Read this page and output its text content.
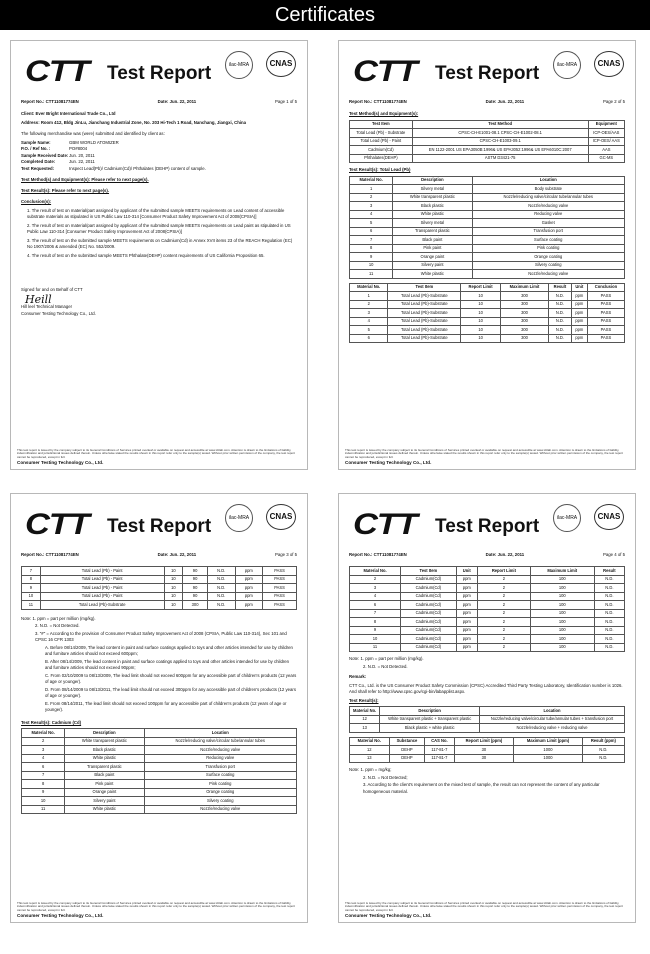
Certificates
CTT Test Report	ilac-MRA	CNAS
Report No.: CTT11081774EN	Date: Jun. 22, 2011	Page 1 of 5

Client: Ever Bright International Trade Co., Ltd

Address: Room 412, Bldg JinLu, Jianchang Industrial Zone, No. 203 Hi-Tech 1 Road, Nanchang, Jiangxi, China

The following merchandise was (were) submitted and identified by client as:

Sample Name:	GBM WORLD ATOMIZER
P.O. / Ref No. :	PO#8004
Sample Received Date: Jun. 20, 2011
Completed Date:	Jun. 22, 2011
Test Requested:	Inspect Lead(Pb)/ Cadmium(Cd)/ Phthalates (DEHP) content of sample.

Test Method(s) and Equipment(s): Please refer to next page(s).

Test Result(s): Please refer to next page(s).

Conclusion(s):

1. The result of test on material/part assigned by applicant of the submitted sample MEETS requirements on Lead content of accessible substrate materials as stipulated in US Public Law 110-314 [Consumer Product Safety Improvement Act of 2008(CPSIA)]

2. The result of test on material/part assigned by applicant of the submitted sample MEETS requirements on Lead paint as stipulated in US Public Law 110-314 [Consumer Product Safety Improvement Act of 2008(CPSIA)]

3. The result of test on the submitted sample MEETS requirements on Cadmium(Cd) in Annex XVII items 23 of the REACH Regulation (EC) No 1907/2006 & amended (EC) No. 552/2009.

4. The result of test on the submitted sample MEETS Phthalate(DEHP) content requirements of US California Proposition 65.

Signed for and on Behalf of CTT

Heill

Hill leel Technical Manager

Consumer Testing Technology Co., Ltd.

This test report is issued by the company subject to its General Conditions of Services printed overleaf or available on request and accessible at www.cttlab.com. Attention is drawn to the limitations of liability, indemnification and jurisdictional issues defined therein. Unless otherwise stated the results shown in this report refer only to the sample(s) tested. Without prior written permission of the company, the test report cannot be reproduced, except in full.
Consumer Testing Technology Co., Ltd.
CTT Test Report	ilac-MRA	CNAS
Report No.: CTT11081774EN	Date: Jun. 22, 2011	Page 2 of 5

Test Method(s) and Equipment(s):

Test Item	Test Method	Equipment
Total Lead (Pb) - Substrate	CPSC-CH-E1001-08.1 CPSC-CH-E1002-08.1	ICP-OES/AAS
Total Lead (Pb) - Paint	CPSC-CH-E1003-09.1	ICP-OES/ AAS
Cadmium(Cd)	EN 1122-2001 US EPA3050B:1996& US EPA3052:1996& US EPA6010C:2007	AAS
Phthalates(DEHP)	ASTM D3421-75	GC-MS

Test Result(s): Total Lead (Pb)

Material No.	Description	Location
1	Silvery metal	Body substrate
2	White transparent plastic	Nozzle/reducing valve/circular tube/annular tubes
3	Black plastic	Nozzle/reducing valve
4	White plastic	Reducing valve
5	Silvery metal	Gasket
6	Transparent plastic	Transfusion port
7	Black paint	Surface coating
8	Pink paint	Pink coating
9	Orange paint	Orange coating
10	Silvery paint	Silvery coating
11	White plastic	Nozzle/reducing valve
Material No.	Test Item	Report Limit	Maximum Limit	Result	Unit	Conclusion
1	Total Lead (Pb)-Substrate	10	300	N.D.	ppm	PASS
2	Total Lead (Pb)-Substrate	10	300	N.D.	ppm	PASS
3	Total Lead (Pb)-Substrate	10	300	N.D.	ppm	PASS
4	Total Lead (Pb)-Substrate	10	300	N.D.	ppm	PASS
5	Total Lead (Pb)-Substrate	10	300	N.D.	ppm	PASS
6	Total Lead (Pb)-Substrate	10	300	N.D.	ppm	PASS
This test report is issued by the company subject to its General Conditions of Services printed overleaf or available on request and accessible at www.cttlab.com. Attention is drawn to the limitations of liability, indemnification and jurisdictional issues defined therein. Unless otherwise stated the results shown in this report refer only to the sample(s) tested. Without prior written permission of the company, the test report cannot be reproduced, except in full.
Consumer Testing Technology Co., Ltd.
CTT Test Report	ilac-MRA	CNAS
Report No.: CTT11081774EN	Date: Jun. 22, 2011	Page 3 of 5
7	Total Lead (Pb) - Paint	10	90	N.D.	ppm	PASS
8	Total Lead (Pb) - Paint	10	90	N.D.	ppm	PASS
9	Total Lead (Pb) - Paint	10	90	N.D.	ppm	PASS
10	Total Lead (Pb) - Paint	10	90	N.D.	ppm	PASS
11	Total Lead (Pb)-Substrate	10	300	N.D.	ppm	PASS

Note: 1. ppm = part per million (mg/kg).

2. N.D. = Not Detected.

3. "#" = According to the provision of Consumer Product Safety Improvement Act of 2008 (CPSIA, Public Law 110-314), Sec 101 and CPSC 16 CFR 1303

A. Before 08/14/2009, The lead content in paint and surface coatings applied to toys and other articles intended for use by children and furniture articles should not exceed 600ppm;

B. After 08/14/2009, The lead content in paint and surface coatings applied to toys and other articles intended for use by children and furniture articles should not exceed 90ppm;

C. From 02/10/2009 to 08/13/2009, The lead limit should not exceed 600ppm for any accessible part of children's products (12 years of age or younger).

D. From 08/14/2009 to 08/13/2011, The lead limit should not exceed 300ppm for any accessible part of children's products (12 years of age or younger).

E. From 08/14/2011, The lead limit should not exceed 100ppm for any accessible part of children's products (12 years of age or younger).

Test Result(s): Cadmium (Cd)

Material No.	Description	Location
2	White transparent plastic	Nozzle/reducing valve/circular tube/annular tubes
3	Black plastic	Nozzle/reducing valve
4	White plastic	Reducing valve
6	Transparent plastic	Transfusion port
7	Black paint	Surface coating
8	Pink paint	Pink coating
9	Orange paint	Orange coating
10	Silvery paint	Silvery coating
11	White plastic	Nozzle/reducing valve
This test report is issued by the company subject to its General Conditions of Services printed overleaf or available on request and accessible at www.cttlab.com. Attention is drawn to the limitations of liability, indemnification and jurisdictional issues defined therein. Unless otherwise stated the results shown in this report refer only to the sample(s) tested. Without prior written permission of the company, the test report cannot be reproduced, except in full.
Consumer Testing Technology Co., Ltd.
CTT Test Report	ilac-MRA	CNAS
Report No.: CTT11081774EN	Date: Jun. 22, 2011	Page 4 of 5
Material No.	Test Item	Unit	Report Limit	Maximum Limit	Result
2	Cadmium(Cd)	ppm	2	100	N.D.
3	Cadmium(Cd)	ppm	2	100	N.D.
4	Cadmium(Cd)	ppm	2	100	N.D.
6	Cadmium(Cd)	ppm	2	100	N.D.
7	Cadmium(Cd)	ppm	2	100	N.D.
8	Cadmium(Cd)	ppm	2	100	N.D.
9	Cadmium(Cd)	ppm	2	100	N.D.
10	Cadmium(Cd)	ppm	2	100	N.D.
11	Cadmium(Cd)	ppm	2	100	N.D.

Note: 1. ppm = part per million (mg/kg).

2. N.D. = Not Detected.

Remark:

CTT Co., Ltd. is the US Consumer Product Safety Commission (CPSC) Accredited Third Party Testing Laboratory, Identification number is 1026. And shall refer to http://www.cpsc.gov/cgi-bin/labapplist.aspx.

Test Result(s):

Material No.	Description	Location
12	White transparent plastic + transparent plastic	Nozzle/reducing valve/circular tube/annular tubes + transfusion port
13	Black plastic + white plastic	Nozzle/reducing valve + reducing valve
Material No.	Substance	CAS No.	Report Limit (ppm)	Maximum Limit (ppm)	Result (ppm)
12	DEHP	117-81-7	30	1000	N.D.
13	DEHP	117-81-7	30	1000	N.D.

Note: 1. ppm = mg/kg;

2. N.D. = Not Detected;

3. According to the client's requirement on the mixed test of sample, the result can not represent the content of any particular homogeneous material.

This test report is issued by the company subject to its General Conditions of Services printed overleaf or available on request and accessible at www.cttlab.com. Attention is drawn to the limitations of liability, indemnification and jurisdictional issues defined therein. Unless otherwise stated the results shown in this report refer only to the sample(s) tested. Without prior written permission of the company, the test report cannot be reproduced, except in full.
Consumer Testing Technology Co., Ltd.
